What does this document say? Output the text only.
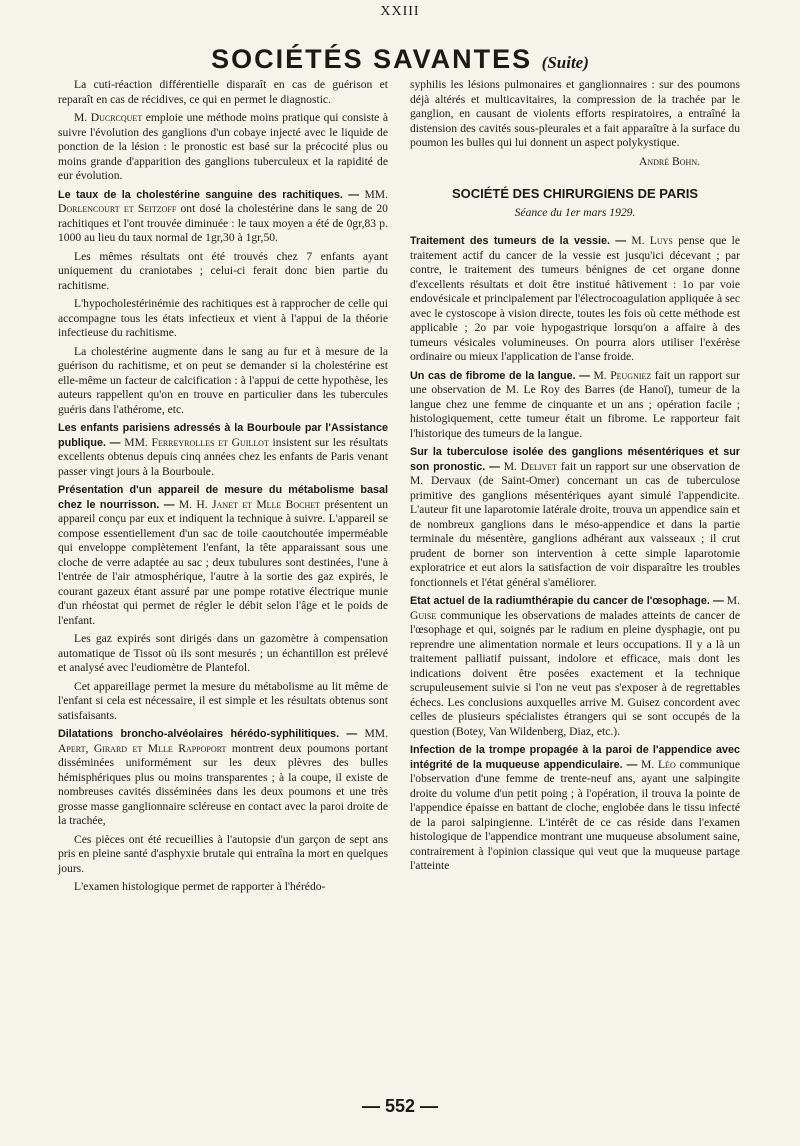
XXIII
SOCIÉTÉS SAVANTES (Suite)

La cuti-réaction différentielle disparaît en cas de guérison et reparaît en cas de récidives, ce qui en permet le diagnostic.

M. Ducrcquet emploie une méthode moins pratique qui consiste à suivre l'évolution des ganglions d'un cobaye injecté avec le liquide de ponction de la lésion : le pronostic est basé sur la précocité plus ou moins grande d'apparition des ganglions tuberculeux et la rapidité de eur évolution.

Le taux de la cholestérine sanguine des rachitiques. — MM. Dorlencourt et Seitzoff ont dosé la cholestérine dans le sang de 20 rachitiques et l'ont trouvée diminuée : le taux moyen a été de 0gr,83 p. 1000 au lieu du taux normal de 1gr,30 à 1gr,50.

Les mêmes résultats ont été trouvés chez 7 enfants ayant uniquement du craniotabes ; celui-ci ferait donc bien partie du rachitisme.

L'hypocholestérinémie des rachitiques est à rapprocher de celle qui accompagne tous les états infectieux et vient à l'appui de la théorie infectieuse du rachitisme.

La cholestérine augmente dans le sang au fur et à mesure de la guérison du rachitisme, et on peut se demander si la cholestérine est elle-même un facteur de calcification : à l'appui de cette hypothèse, les auteurs rappellent qu'on en trouve en particulier dans les tubercules guéris dans l'athérome, etc.

Les enfants parisiens adressés à la Bourboule par l'Assistance publique. — MM. Ferreyrolles et Guillot insistent sur les résultats excellents obtenus depuis cinq années chez les enfants de Paris venant passer vingt jours à la Bourboule.

Présentation d'un appareil de mesure du métabolisme basal chez le nourrisson. — M. H. Janet et Mlle Bochet présentent un appareil conçu par eux et indiquent la technique à suivre. L'appareil se compose essentiellement d'un sac de toile caoutchoutée imperméable qui enveloppe complètement l'enfant, la tête apparaissant sous une cloche de verre adaptée au sac ; deux tubulures sont destinées, l'une à l'entrée de l'air atmosphérique, l'autre à la sortie des gaz expirés, le courant gazeux étant assuré par une pompe rotative électrique munie d'un rhéostat qui permet de régler le débit selon l'âge et le poids de l'enfant.

Les gaz expirés sont dirigés dans un gazomètre à compensation automatique de Tissot où ils sont mesurés ; un échantillon est prélevé et analysé avec l'eudiomètre de Plantefol.

Cet appareillage permet la mesure du métabolisme au lit même de l'enfant si cela est nécessaire, il est simple et les résultats obtenus sont satisfaisants.

Dilatations broncho-alvéolaires hérédo-syphilitiques. — MM. Apert, Girard et Mlle Rappoport montrent deux poumons portant disséminées uniformément sur les deux plèvres des bulles hémisphériques plus ou moins transparentes ; à la coupe, il existe de nombreuses cavités disséminées dans les deux poumons et une très grosse masse ganglionnaire scléreuse en contact avec la paroi droite de la trachée,

Ces pièces ont été recueillies à l'autopsie d'un garçon de sept ans pris en pleine santé d'asphyxie brutale qui entraîna la mort en quelques jours.

L'examen histologique permet de rapporter à l'hérédo-

syphilis les lésions pulmonaires et ganglionnaires : sur des poumons déjà altérés et multicavitaires, la compression de la trachée par le ganglion, en causant de violents efforts respiratoires, a entraîné la distension des cavités sous-pleurales et a fait apparaître à la surface du poumon les bulles qui lui donnent un aspect polykystique.

André Bohn.

SOCIÉTÉ DES CHIRURGIENS DE PARIS
Séance du 1er mars 1929.

Traitement des tumeurs de la vessie. — M. Luys pense que le traitement actif du cancer de la vessie est jusqu'ici décevant ; par contre, le traitement des tumeurs bénignes de cet organe donne d'excellents résultats et doit être institué hâtivement : 1o par voie endovésicale et principalement par l'électrocoagulation appliquée à sec avec le cystoscope à vision directe, toutes les fois où cette méthode est applicable ; 2o par voie hypogastrique lorsqu'on a affaire à des tumeurs vésicales volumineuses. On pourra alors utiliser l'exérèse ordinaire ou mieux l'application de l'anse froide.

Un cas de fibrome de la langue. — M. Peugniez fait un rapport sur une observation de M. Le Roy des Barres (de Hanoï), tumeur de la langue chez une femme de cinquante et un ans ; opération facile ; histologiquement, cette tumeur était un fibrome. Le rapporteur fait l'historique des tumeurs de la langue.

Sur la tuberculose isolée des ganglions mésentériques et sur son pronostic. — M. Delivet fait un rapport sur une observation de M. Dervaux (de Saint-Omer) concernant un cas de tuberculose primitive des ganglions mésentériques ayant simulé l'appendicite. L'auteur fit une laparotomie latérale droite, trouva un appendice sain et de nombreux ganglions dans le méso-appendice et dans la partie terminale du mésentère, ganglions adhérant aux vaisseaux ; il crut prudent de borner son intervention à cette simple laparotomie exploratrice et eut alors la satisfaction de voir disparaître les troubles fonctionnels et l'état général s'améliorer.

Etat actuel de la radiumthérapie du cancer de l'œsophage. — M. Guise communique les observations de malades atteints de cancer de l'œsophage et qui, soignés par le radium en pleine dysphagie, ont pu reprendre une alimentation normale et leurs occupations. Il y a là un traitement palliatif puissant, indolore et efficace, mais dont les indications doivent être posées exactement et la technique scrupuleusement suivie si l'on ne veut pas s'exposer à de regrettables échecs. Les conclusions auxquelles arrive M. Guisez concordent avec celles de plusieurs spécialistes étrangers qui se sont occupés de la question (Botey, Van Wildenberg, Diaz, etc.).

Infection de la trompe propagée à la paroi de l'appendice avec intégrité de la muqueuse appendiculaire. — M. Léo communique l'observation d'une femme de trente-neuf ans, ayant une salpingite droite du volume d'un petit poing ; à l'opération, il trouva la pointe de l'appendice épaisse en battant de cloche, englobée dans le tissu infecté de la paroi salpingienne. L'intérêt de ce cas réside dans l'examen histologique de l'appendice montrant une muqueuse absolument saine, contrairement à l'opinion classique qui veut que la muqueuse partage l'atteinte

— 552 —
